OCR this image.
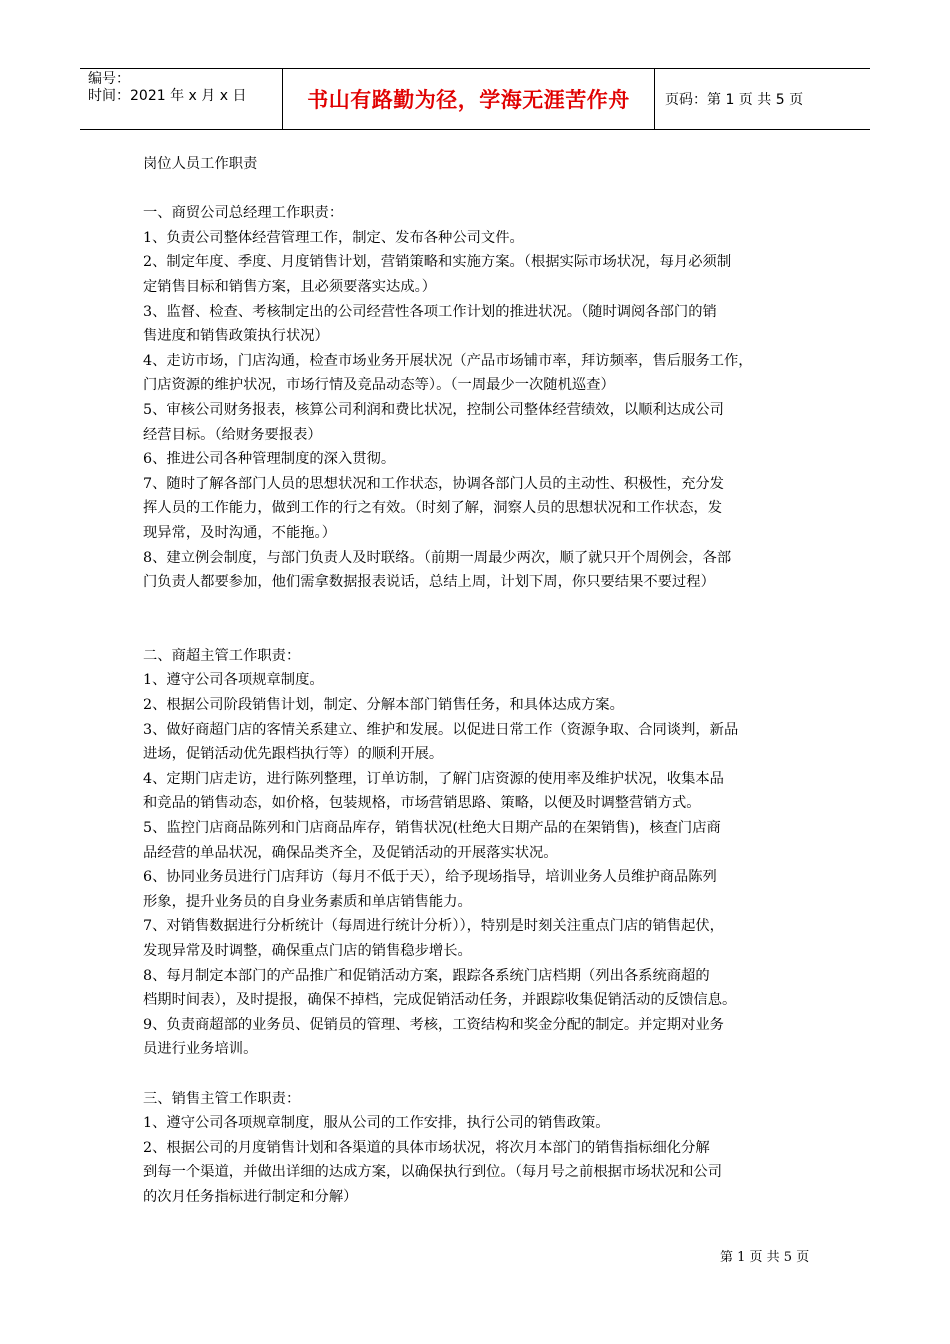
编号：
时间：2021 年 x 月 x 日	书山有路勤为径，学海无涯苦作舟	页码：第 1 页 共 5 页
岗位人员工作职责
一、商贸公司总经理工作职责：
1、负责公司整体经营管理工作，制定、发布各种公司文件。
2、制定年度、季度、月度销售计划，营销策略和实施方案。（根据实际市场状况，每月必须制
定销售目标和销售方案，且必须要落实达成。）
3、监督、检查、考核制定出的公司经营性各项工作计划的推进状况。（随时调阅各部门的销
售进度和销售政策执行状况）
4、走访市场，门店沟通，检查市场业务开展状况（产品市场铺市率，拜访频率，售后服务工作，
门店资源的维护状况，市场行情及竞品动态等）。（一周最少一次随机巡查）
5、审核公司财务报表，核算公司利润和费比状况，控制公司整体经营绩效，以顺利达成公司
经营目标。（给财务要报表）
6、推进公司各种管理制度的深入贯彻。
7、随时了解各部门人员的思想状况和工作状态，协调各部门人员的主动性、积极性，充分发
挥人员的工作能力，做到工作的行之有效。（时刻了解，洞察人员的思想状况和工作状态，发
现异常，及时沟通，不能拖。）
8、建立例会制度，与部门负责人及时联络。（前期一周最少两次，顺了就只开个周例会，各部
门负责人都要参加，他们需拿数据报表说话，总结上周，计划下周，你只要结果不要过程）
二、商超主管工作职责：
1、遵守公司各项规章制度。
2、根据公司阶段销售计划，制定、分解本部门销售任务，和具体达成方案。
3、做好商超门店的客情关系建立、维护和发展。以促进日常工作（资源争取、合同谈判，新品
进场，促销活动优先跟档执行等）的顺利开展。
4、定期门店走访，进行陈列整理，订单访制，了解门店资源的使用率及维护状况，收集本品
和竞品的销售动态，如价格，包装规格，市场营销思路、策略，以便及时调整营销方式。
5、监控门店商品陈列和门店商品库存，销售状况(杜绝大日期产品的在架销售)，核查门店商
品经营的单品状况，确保品类齐全，及促销活动的开展落实状况。
6、协同业务员进行门店拜访（每月不低于天），给予现场指导，培训业务人员维护商品陈列
形象，提升业务员的自身业务素质和单店销售能力。
7、对销售数据进行分析统计（每周进行统计分析）），特别是时刻关注重点门店的销售起伏，
发现异常及时调整，确保重点门店的销售稳步增长。
8、每月制定本部门的产品推广和促销活动方案，跟踪各系统门店档期（列出各系统商超的
档期时间表），及时提报，确保不掉档，完成促销活动任务，并跟踪收集促销活动的反馈信息。
9、负责商超部的业务员、促销员的管理、考核，工资结构和奖金分配的制定。并定期对业务
员进行业务培训。
三、销售主管工作职责：
1、遵守公司各项规章制度，服从公司的工作安排，执行公司的销售政策。
2、根据公司的月度销售计划和各渠道的具体市场状况，将次月本部门的销售指标细化分解
到每一个渠道，并做出详细的达成方案，以确保执行到位。（每月号之前根据市场状况和公司
的次月任务指标进行制定和分解）
第 1 页 共 5 页
